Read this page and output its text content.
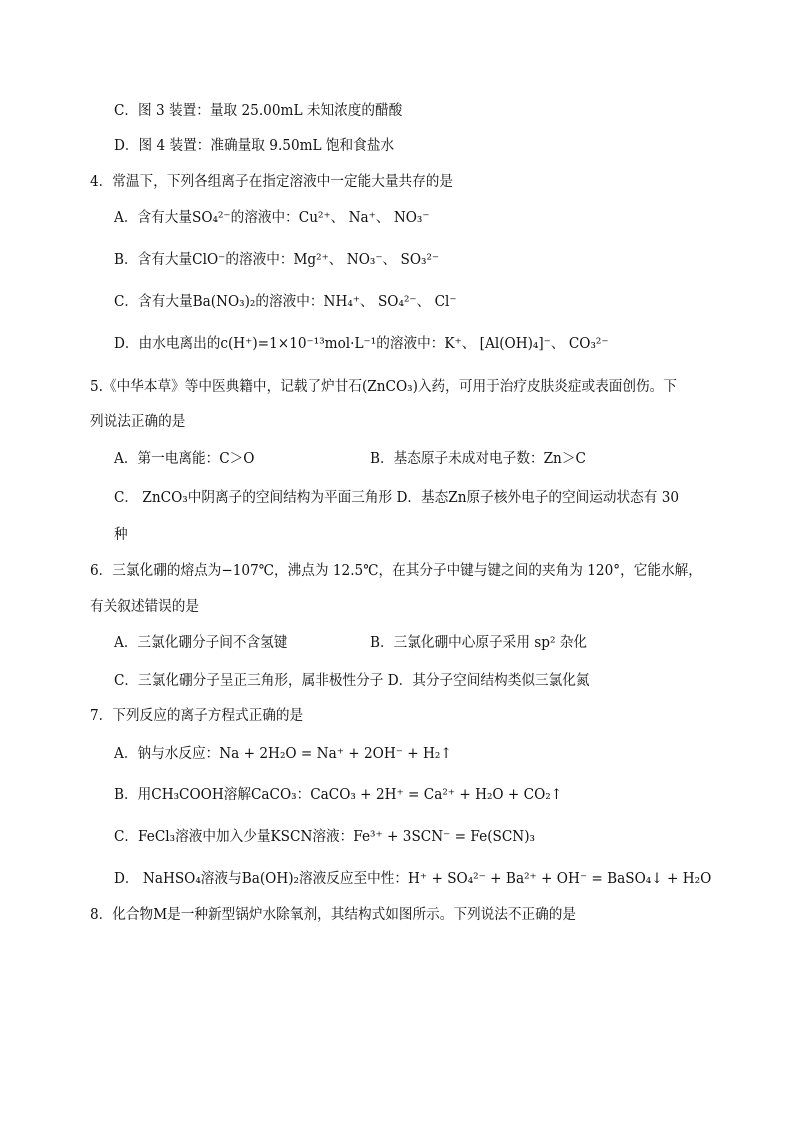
C．图 3 装置：量取 25.00mL 未知浓度的醋酸
D．图 4 装置：准确量取 9.50mL 饱和食盐水
4．常温下，下列各组离子在指定溶液中一定能大量共存的是
A．含有大量SO₄²⁻的溶液中：Cu²⁺、 Na⁺、 NO₃⁻
B．含有大量ClO⁻的溶液中：Mg²⁺、 NO₃⁻、 SO₃²⁻
C．含有大量Ba(NO₃)₂的溶液中：NH₄⁺、 SO₄²⁻、 Cl⁻
D．由水电离出的c(H⁺)=1×10⁻¹³mol·L⁻¹的溶液中：K⁺、 [Al(OH)₄]⁻、 CO₃²⁻
5.《中华本草》等中医典籍中，记载了炉甘石(ZnCO₃)入药，可用于治疗皮肤炎症或表面创伤。下
列说法正确的是
A．第一电离能：C＞O	B．基态原子未成对电子数：Zn＞C
C． ZnCO₃中阴离子的空间结构为平面三角形 D．基态Zn原子核外电子的空间运动状态有 30
种
6．三氯化硼的熔点为−107℃，沸点为 12.5℃，在其分子中键与键之间的夹角为 120°，它能水解，
有关叙述错误的是
A．三氯化硼分子间不含氢键	B．三氯化硼中心原子采用 sp² 杂化
C．三氯化硼分子呈正三角形，属非极性分子 D．其分子空间结构类似三氯化氮
7．下列反应的离子方程式正确的是
A．钠与水反应：Na + 2H₂O = Na⁺ + 2OH⁻ + H₂↑
B．用CH₃COOH溶解CaCO₃：CaCO₃ + 2H⁺ = Ca²⁺ + H₂O + CO₂↑
C．FeCl₃溶液中加入少量KSCN溶液：Fe³⁺ + 3SCN⁻ = Fe(SCN)₃
D． NaHSO₄溶液与Ba(OH)₂溶液反应至中性：H⁺ + SO₄²⁻ + Ba²⁺ + OH⁻ = BaSO₄↓ + H₂O
8．化合物M是一种新型锅炉水除氧剂，其结构式如图所示。下列说法不正确的是
